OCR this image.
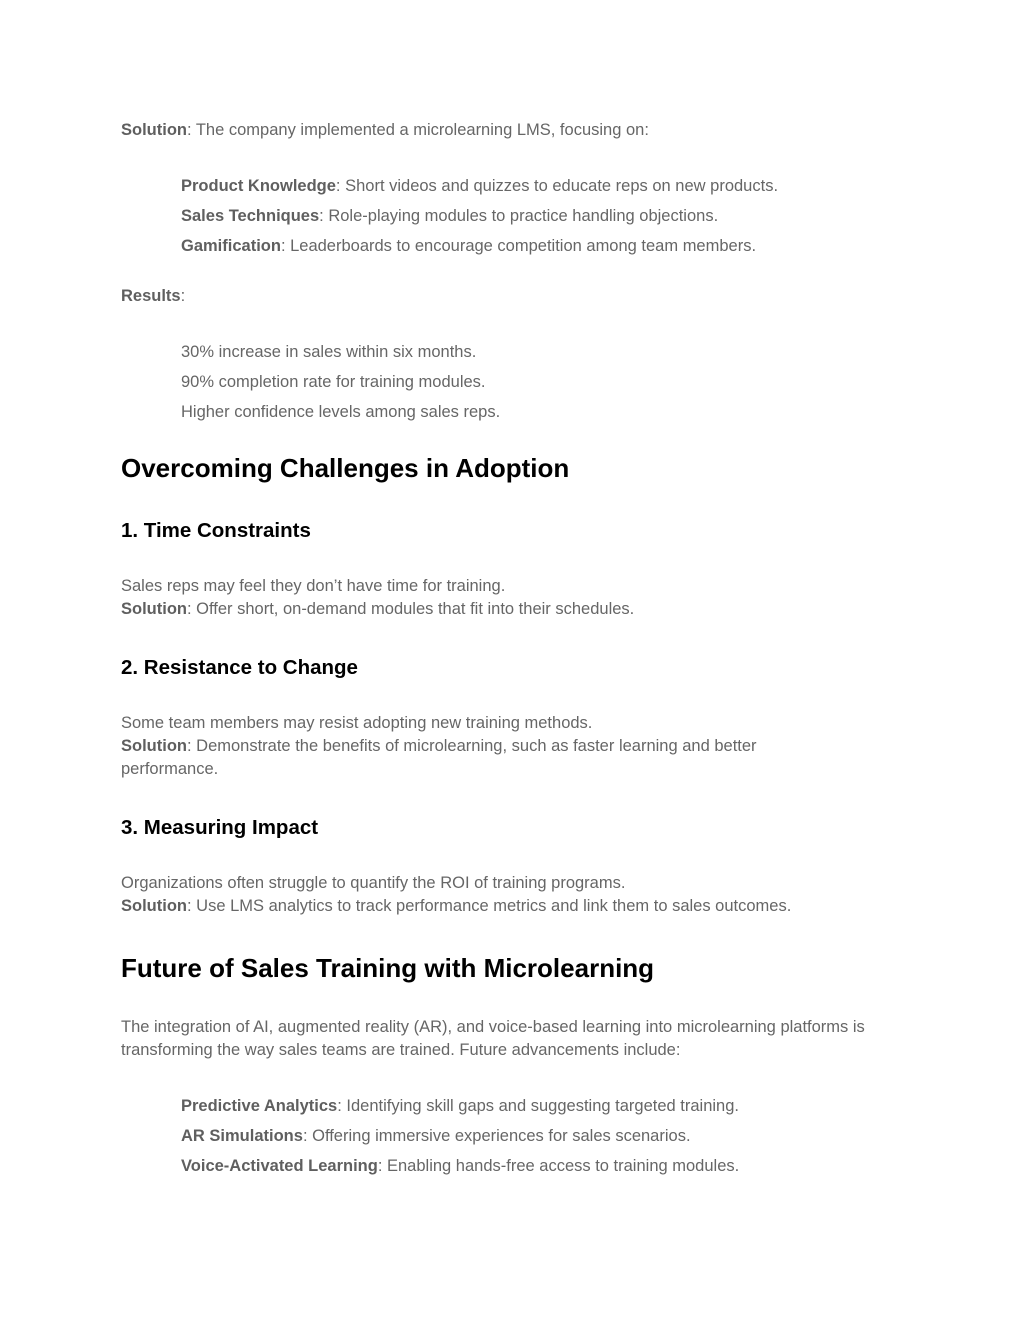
Solution: The company implemented a microlearning LMS, focusing on:

Product Knowledge: Short videos and quizzes to educate reps on new products.
Sales Techniques: Role-playing modules to practice handling objections.
Gamification: Leaderboards to encourage competition among team members.

Results:

30% increase in sales within six months.
90% completion rate for training modules.
Higher confidence levels among sales reps.
Overcoming Challenges in Adoption
1. Time Constraints

Sales reps may feel they don’t have time for training.

Solution: Offer short, on-demand modules that fit into their schedules.

2. Resistance to Change

Some team members may resist adopting new training methods.

Solution: Demonstrate the benefits of microlearning, such as faster learning and better performance.

3. Measuring Impact

Organizations often struggle to quantify the ROI of training programs.

Solution: Use LMS analytics to track performance metrics and link them to sales outcomes.

Future of Sales Training with Microlearning

The integration of AI, augmented reality (AR), and voice-based learning into microlearning platforms is transforming the way sales teams are trained. Future advancements include:

Predictive Analytics: Identifying skill gaps and suggesting targeted training.
AR Simulations: Offering immersive experiences for sales scenarios.
Voice-Activated Learning: Enabling hands-free access to training modules.
